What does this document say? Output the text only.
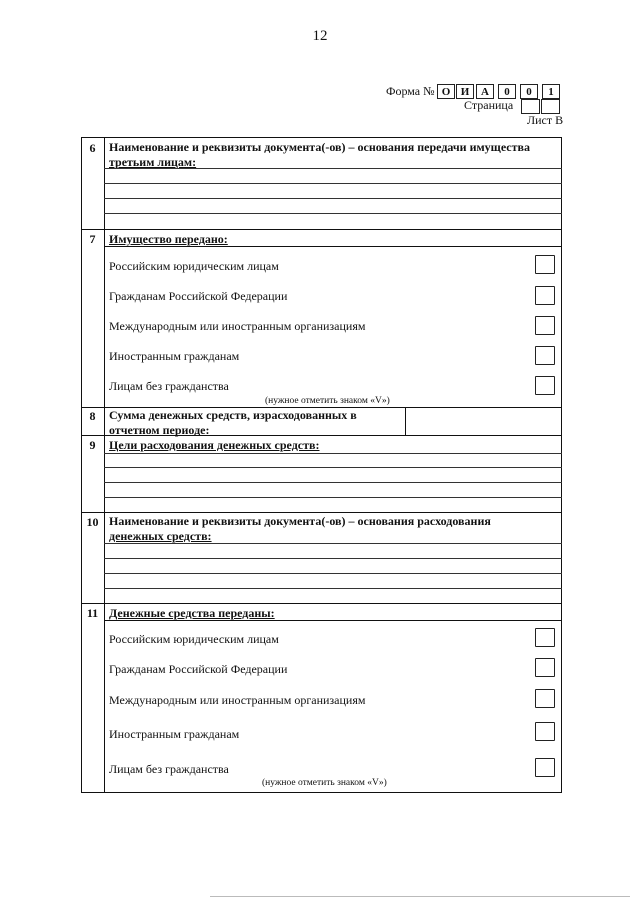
12
Форма № О И	А	0	0	1
Страница
Лист В
6	Наименование и реквизиты документа(-ов) – основания передачи имущества
третьим лицам:
7	Имущество передано:
Российским юридическим лицам
Гражданам Российской Федерации
Международным или иностранным организациям
Иностранным гражданам
Лицам без гражданства
(нужное отметить знаком «V»)
8	Сумма денежных средств, израсходованных в
отчетном периоде:
9	Цели расходования денежных средств:
10 Наименование и реквизиты документа(-ов) – основания расходования
денежных средств:
11 Денежные средства переданы:
Российским юридическим лицам
Гражданам Российской Федерации
Международным или иностранным организациям
Иностранным гражданам
Лицам без гражданства
(нужное отметить знаком «V»)
